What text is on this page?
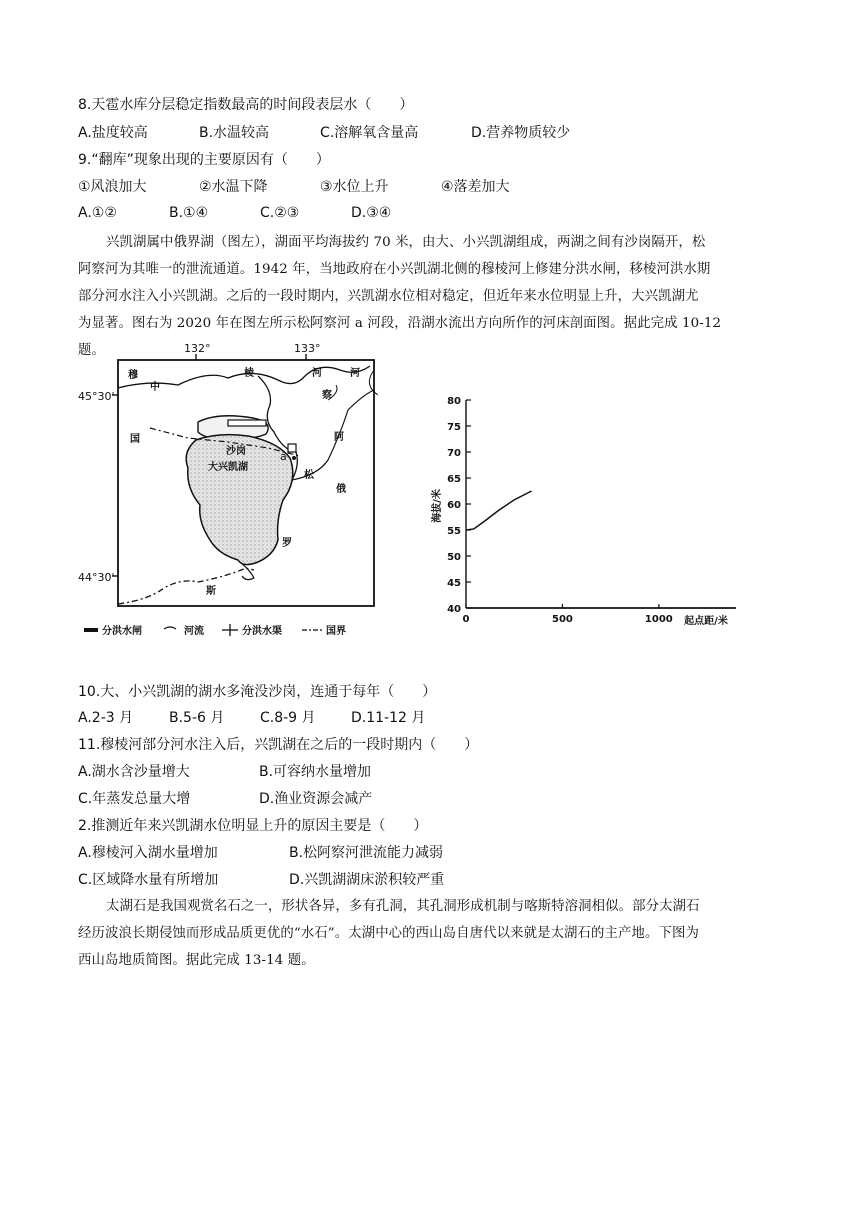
8.天雹水库分层稳定指数最高的时间段表层水（　　）
A.盐度较高	B.水温较高	C.溶解氧含量高	D.营养物质较少
9.“翻库”现象出现的主要原因有（　　）
①风浪加大	②水温下降	③水位上升	④落差加大
A.①②	B.①④	C.②③	D.③④
兴凯湖属中俄界湖（图左），湖面平均海拔约 70 米，由大、小兴凯湖组成，两湖之间有沙岗隔开，松
阿察河为其唯一的泄流通道。1942 年，当地政府在小兴凯湖北侧的穆棱河上修建分洪水闸，移棱河洪水期
部分河水注入小兴凯湖。之后的一段时期内，兴凯湖水位相对稳定，但近年来水位明显上升，大兴凯湖尤
为显著。图右为 2020 年在图左所示松阿察河 a 河段，沿湖水流出方向所作的河床剖面图。据此完成 10-12
题。	132°	133°
45°30'
44°30'
穆
中
棱	河	河
察
国	阿
沙岗
大兴凯湖
松
俄
罗
斯
a
分洪水闸	河流	分洪水渠	国界
40
45
50
55
60
65
70
75
80
0	500	1000
海拔/米
起点距/米
10.大、小兴凯湖的湖水多淹没沙岗，连通于每年（　　）
A.2-3 月	B.5-6 月	C.8-9 月	D.11-12 月
11.穆棱河部分河水注入后，兴凯湖在之后的一段时期内（　　）
A.湖水含沙量增大	B.可容纳水量增加
C.年蒸发总量大增	D.渔业资源会减产
2.推测近年来兴凯湖水位明显上升的原因主要是（　　）
A.穆棱河入湖水量增加	B.松阿察河泄流能力减弱
C.区域降水量有所增加	D.兴凯湖湖床淤积较严重
太湖石是我国观赏名石之一，形状各异，多有孔洞，其孔洞形成机制与喀斯特溶洞相似。部分太湖石
经历波浪长期侵蚀而形成品质更优的“水石”。太湖中心的西山岛自唐代以来就是太湖石的主产地。下图为
西山岛地质简图。据此完成 13-14 题。
